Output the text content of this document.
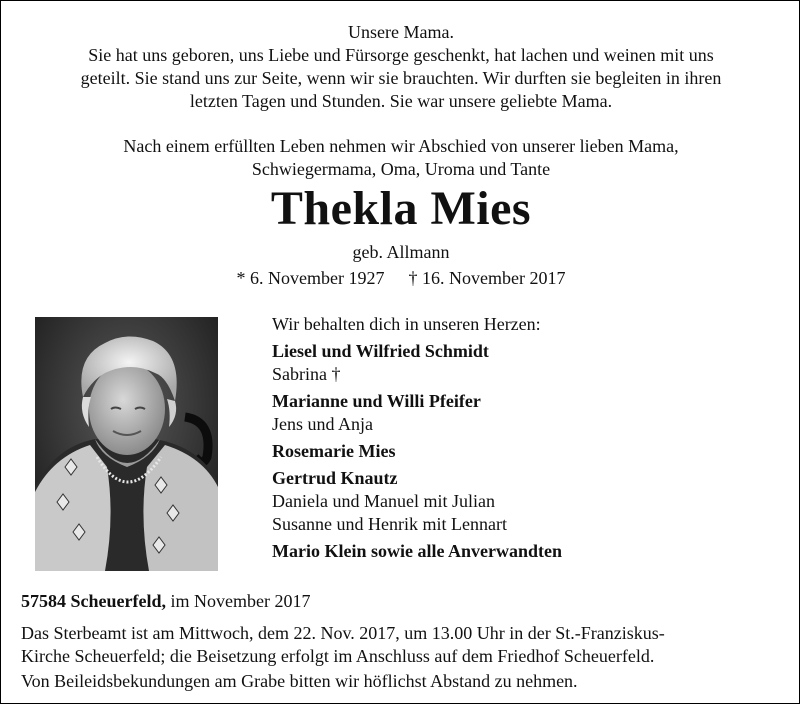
Unsere Mama.
Sie hat uns geboren, uns Liebe und Fürsorge geschenkt, hat lachen und weinen mit uns
geteilt. Sie stand uns zur Seite, wenn wir sie brauchten. Wir durften sie begleiten in ihren
letzten Tagen und Stunden. Sie war unsere geliebte Mama.
Nach einem erfüllten Leben nehmen wir Abschied von unserer lieben Mama,
Schwiegermama, Oma, Uroma und Tante
Thekla Mies
geb. Allmann
* 6. November 1927 † 16. November 2017
Wir behalten dich in unseren Herzen:
Liesel und Wilfried Schmidt
Sabrina †
Marianne und Willi Pfeifer
Jens und Anja
Rosemarie Mies
Gertrud Knautz
Daniela und Manuel mit Julian
Susanne und Henrik mit Lennart
Mario Klein sowie alle Anverwandten
57584 Scheuerfeld, im November 2017
Das Sterbeamt ist am Mittwoch, dem 22. Nov. 2017, um 13.00 Uhr in der St.-Franziskus-
Kirche Scheuerfeld; die Beisetzung erfolgt im Anschluss auf dem Friedhof Scheuerfeld.
Von Beileidsbekundungen am Grabe bitten wir höflichst Abstand zu nehmen.
